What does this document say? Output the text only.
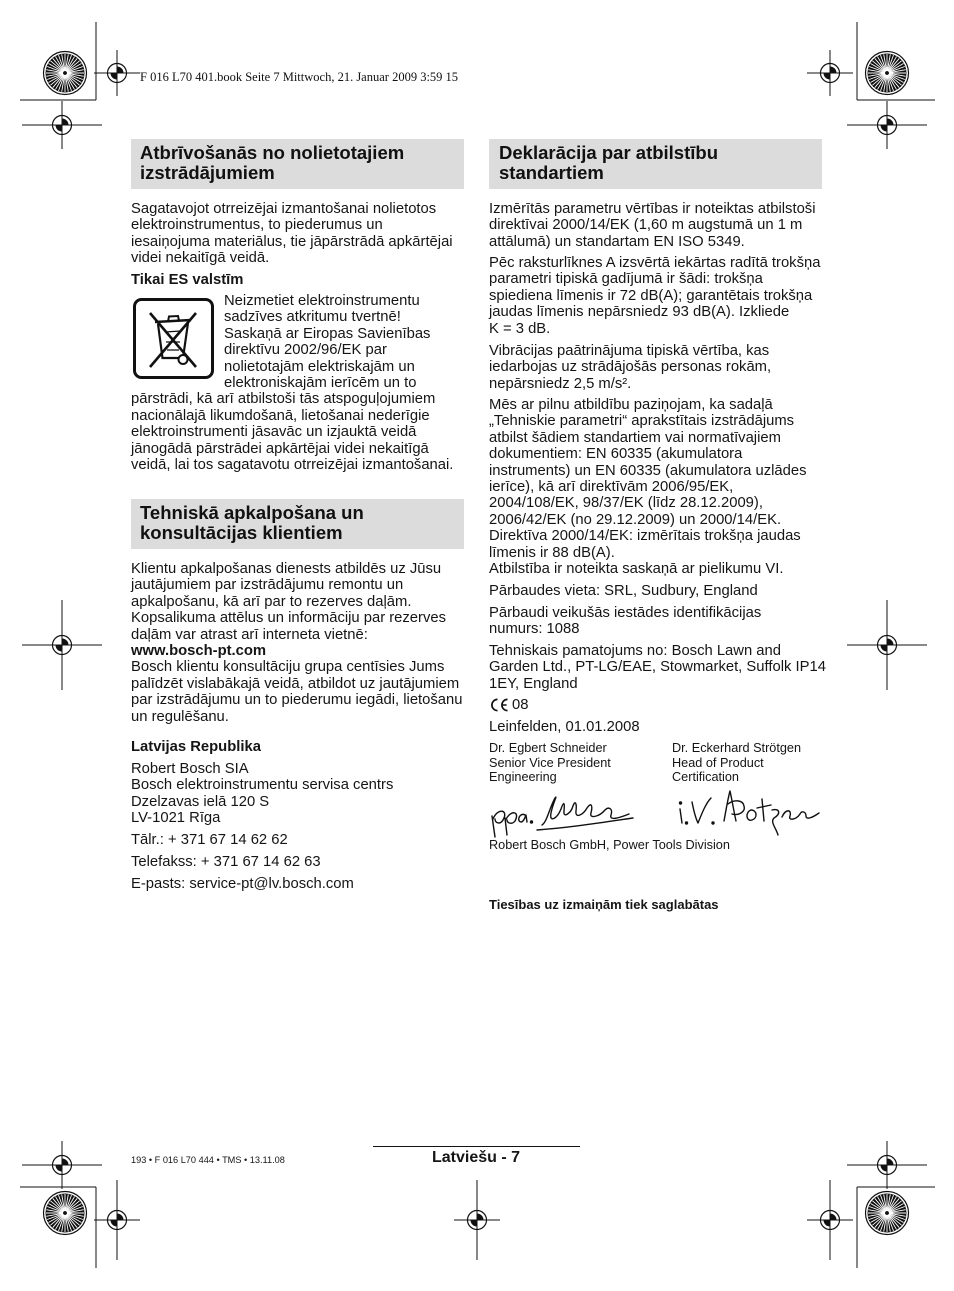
F 016 L70 401.book Seite 7 Mittwoch, 21. Januar 2009 3:59 15
Atbrīvošanās no nolietotajiem
izstrādājumiem
Sagatavojot otrreizējai izmantošanai nolietotos
elektroinstrumentus, to piederumus un
iesaiņojuma materiālus, tie jāpārstrādā apkārtējai
videi nekaitīgā veidā.
Tikai ES valstīm
Neizmetiet elektroinstrumentu
sadzīves atkritumu tvertnē!
Saskaņā ar Eiropas Savienības
direktīvu 2002/96/EK par
nolietotajām elektriskajām un
elektroniskajām ierīcēm un to
pārstrādi, kā arī atbilstoši tās atspoguļojumiem
nacionālajā likumdošanā, lietošanai nederīgie
elektroinstrumenti jāsavāc un izjauktā veidā
jānogādā pārstrādei apkārtējai videi nekaitīgā
veidā, lai tos sagatavotu otrreizējai izmantošanai.
Tehniskā apkalpošana un
konsultācijas klientiem
Klientu apkalpošanas dienests atbildēs uz Jūsu
jautājumiem par izstrādājumu remontu un
apkalpošanu, kā arī par to rezerves daļām.
Kopsalikuma attēlus un informāciju par rezerves
daļām var atrast arī interneta vietnē:
www.bosch-pt.com
Bosch klientu konsultāciju grupa centīsies Jums
palīdzēt vislabākajā veidā, atbildot uz jautājumiem
par izstrādājumu un to piederumu iegādi, lietošanu
un regulēšanu.
Latvijas Republika
Robert Bosch SIA
Bosch elektroinstrumentu servisa centrs
Dzelzavas ielā 120 S
LV-1021 Rīga
Tālr.: + 371 67 14 62 62
Telefakss: + 371 67 14 62 63
E-pasts: service-pt@lv.bosch.com
Deklarācija par atbilstību
standartiem
Izmērītās parametru vērtības ir noteiktas atbilstoši
direktīvai 2000/14/EK (1,60 m augstumā un 1 m
attālumā) un standartam EN ISO 5349.
Pēc raksturlīknes A izsvērtā iekārtas radītā trokšņa
parametri tipiskā gadījumā ir šādi: trokšņa
spiediena līmenis ir 72 dB(A); garantētais trokšņa
jaudas līmenis nepārsniedz 93 dB(A). Izkliede
K = 3 dB.
Vibrācijas paātrinājuma tipiskā vērtība, kas
iedarbojas uz strādājošās personas rokām,
nepārsniedz 2,5 m/s².
Mēs ar pilnu atbildību paziņojam, ka sadaļā
„Tehniskie parametri“ aprakstītais izstrādājums
atbilst šādiem standartiem vai normatīvajiem
dokumentiem: EN 60335 (akumulatora
instruments) un EN 60335 (akumulatora uzlādes
ierīce), kā arī direktīvām 2006/95/EK,
2004/108/EK, 98/37/EK (līdz 28.12.2009),
2006/42/EK (no 29.12.2009) un 2000/14/EK.
Direktīva 2000/14/EK: izmērītais trokšņa jaudas
līmenis ir 88 dB(A).
Atbilstība ir noteikta saskaņā ar pielikumu VI.
Pārbaudes vieta: SRL, Sudbury, England
Pārbaudi veikušās iestādes identifikācijas
numurs: 1088
Tehniskais pamatojums no: Bosch Lawn and
Garden Ltd., PT-LG/EAE, Stowmarket, Suffolk IP14
1EY, England
08
Leinfelden, 01.01.2008
Dr. Egbert Schneider
Senior Vice President
Engineering
Dr. Eckerhard Strötgen
Head of Product
Certification
Robert Bosch GmbH, Power Tools Division
Tiesības uz izmaiņām tiek saglabātas
193 • F 016 L70 444 • TMS • 13.11.08	Latviešu - 7
